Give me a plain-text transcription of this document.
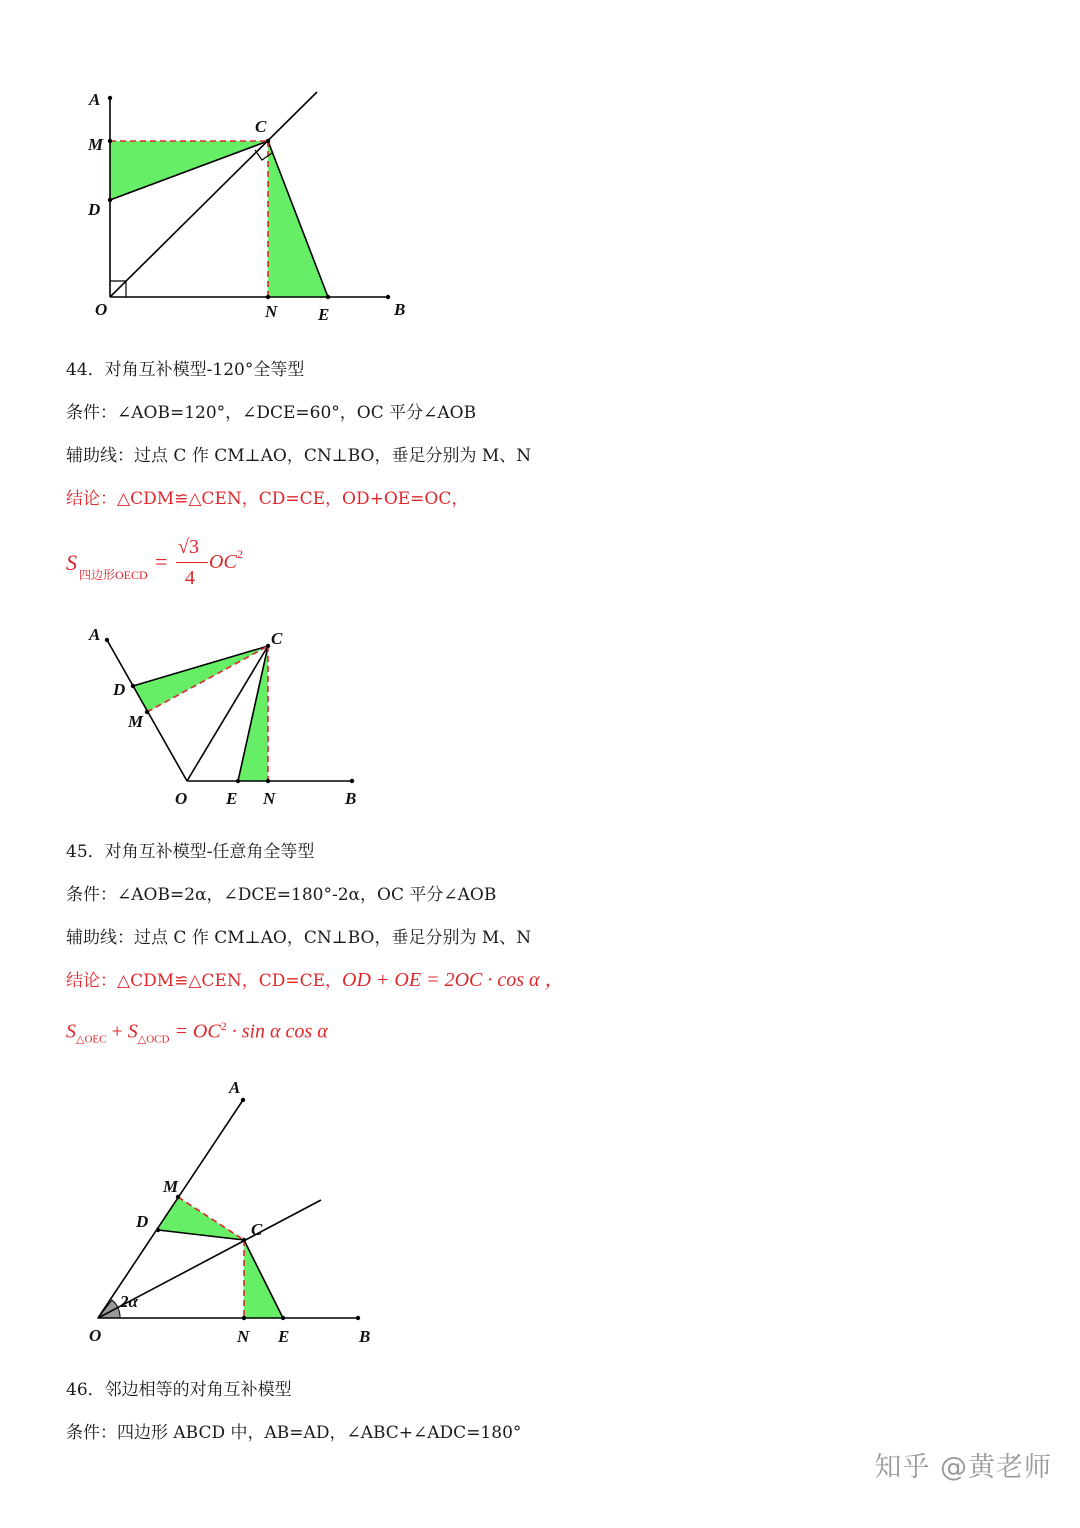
A
M
C
D
O	N E	B
A	C
D
M
O E N	B
A
M
D	C
2α
O	N E	B
44．对角互补模型-120°全等型
条件：∠AOB=120°，∠DCE=60°，OC 平分∠AOB
辅助线：过点 C 作 CM⊥AO，CN⊥BO，垂足分别为 M、N
结论：△CDM≌△CEN，CD=CE，OD+OE=OC，
S 四边形OECD
=
√3
4
OC 2
45．对角互补模型-任意角全等型
条件：∠AOB=2α，∠DCE=180°-2α，OC 平分∠AOB
辅助线：过点 C 作 CM⊥AO，CN⊥BO，垂足分别为 M、N
结论：△CDM≌△CEN，CD=CE，OD + OE = 2OC · cos α ，
$S_{\triangle OEC} + S_{\triangle OCD} = OC^2 \cdot \sin \alpha$ cos α
46．邻边相等的对角互补模型
条件：四边形 ABCD 中，AB=AD，∠ABC+∠ADC=180°
知乎 @黄老师
